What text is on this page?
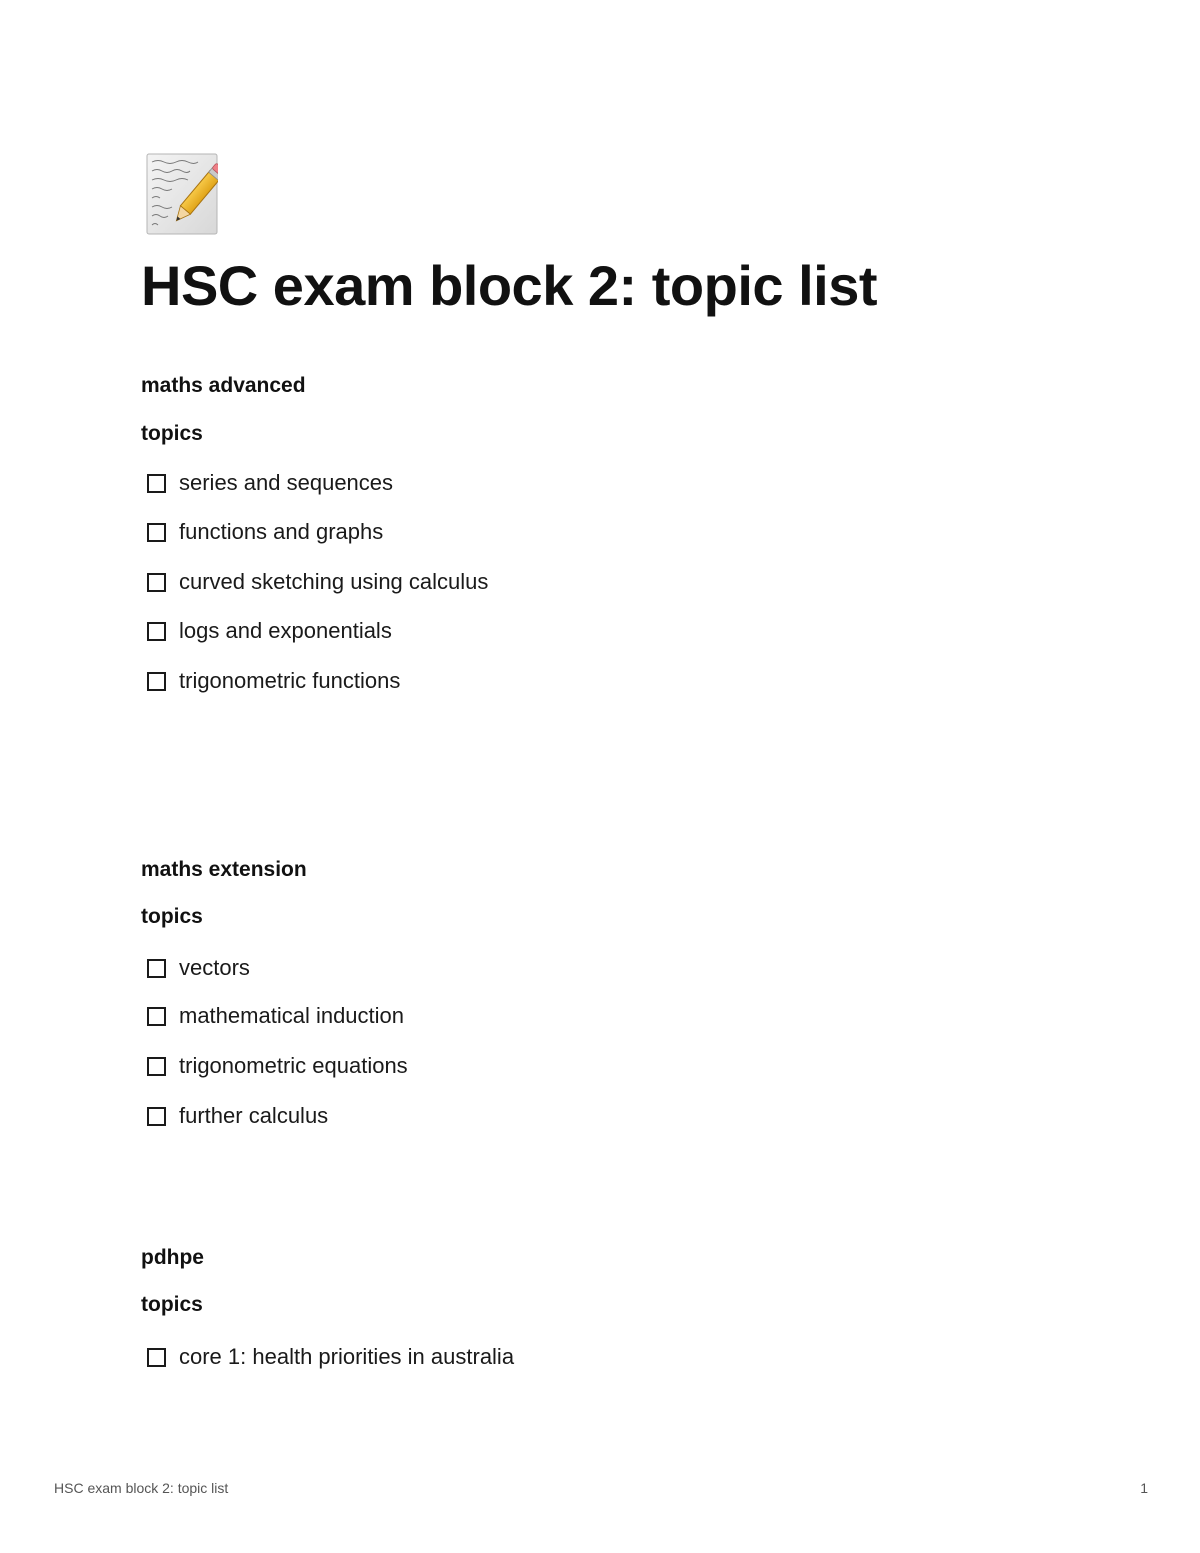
HSC exam block 2: topic list
maths advanced
topics
series and sequences
functions and graphs
curved sketching using calculus
logs and exponentials
trigonometric functions
maths extension
topics
vectors
mathematical induction
trigonometric equations
further calculus
pdhpe
topics
core 1: health priorities in australia
HSC exam block 2: topic list	1
